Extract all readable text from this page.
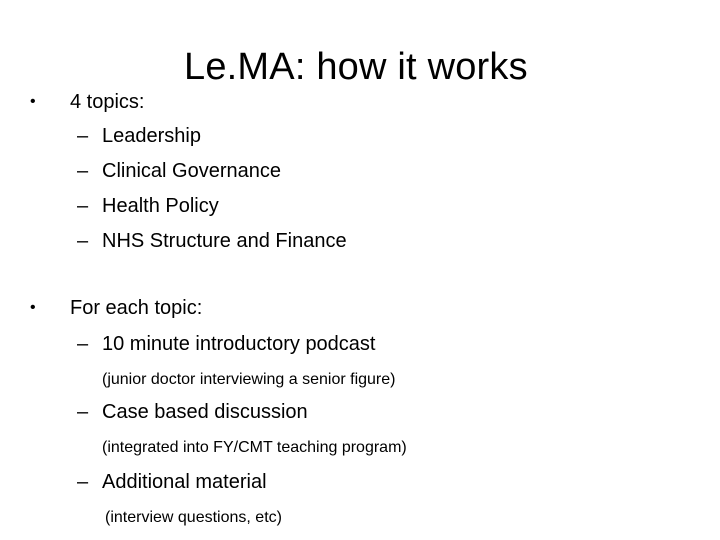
Le.MA: how it works
• 4 topics:
– Leadership
– Clinical Governance
– Health Policy
– NHS Structure and Finance
• For each topic:
– 10 minute introductory podcast
(junior doctor interviewing a senior figure)
– Case based discussion
(integrated into FY/CMT teaching program)
– Additional material
(interview questions, etc)
